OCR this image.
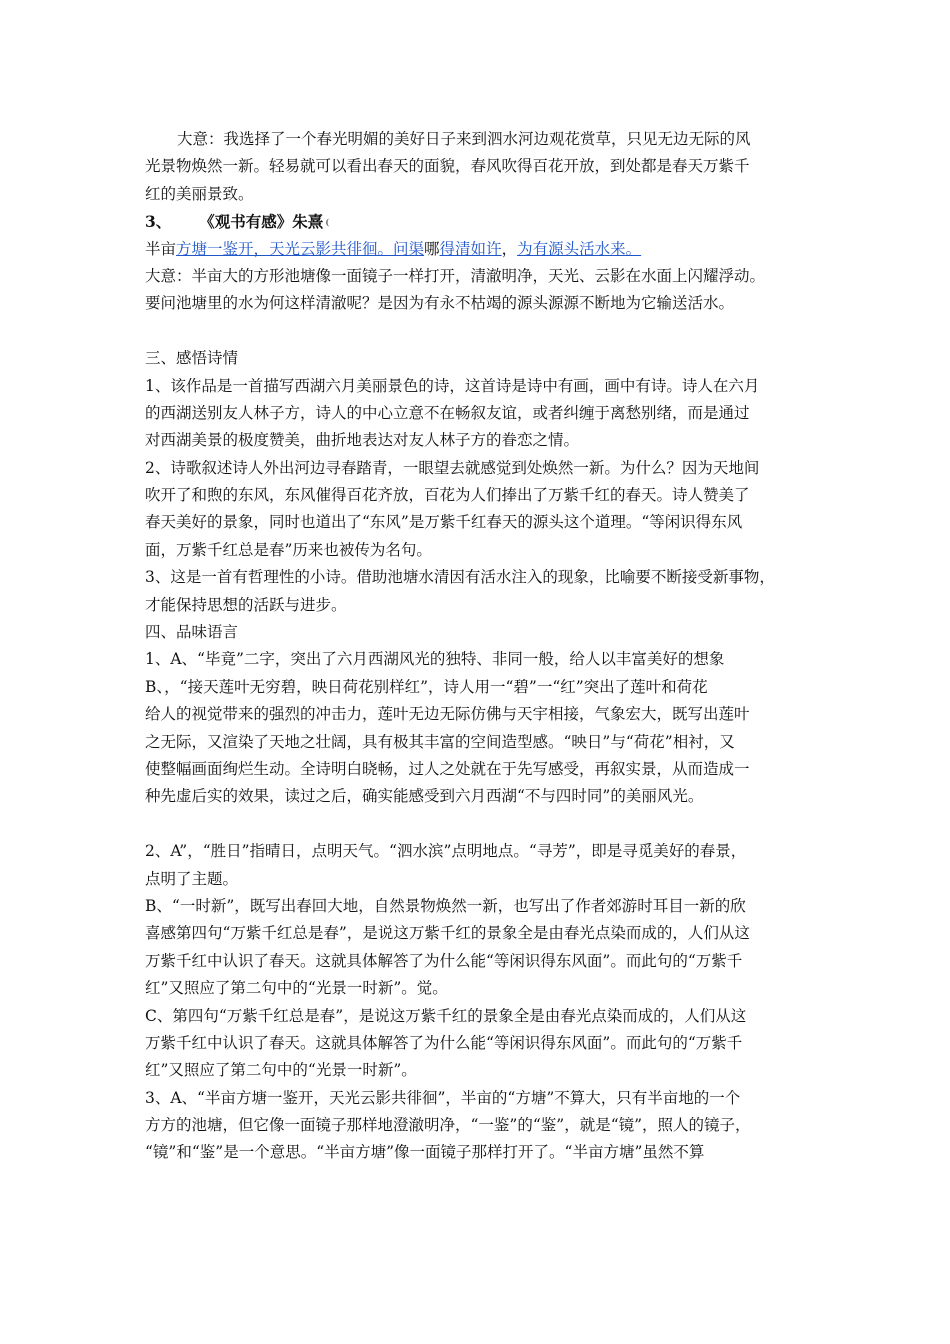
大意：我选择了一个春光明媚的美好日子来到泗水河边观花赏草，只见无边无际的风
光景物焕然一新。轻易就可以看出春天的面貌，春风吹得百花开放，到处都是春天万紫千
红的美丽景致。
3、 《观书有感》朱熹 (
半亩方塘一鉴开，天光云影共徘徊。问渠哪得清如许，为有源头活水来。
大意：半亩大的方形池塘像一面镜子一样打开，清澈明净，天光、云影在水面上闪耀浮动。
要问池塘里的水为何这样清澈呢？是因为有永不枯竭的源头源源不断地为它输送活水。
三、感悟诗情
1、该作品是一首描写西湖六月美丽景色的诗，这首诗是诗中有画，画中有诗。诗人在六月
的西湖送别友人林子方，诗人的中心立意不在畅叙友谊，或者纠缠于离愁别绪，而是通过
对西湖美景的极度赞美，曲折地表达对友人林子方的眷恋之情。
2、诗歌叙述诗人外出河边寻春踏青，一眼望去就感觉到处焕然一新。为什么？因为天地间
吹开了和煦的东风，东风催得百花齐放，百花为人们捧出了万紫千红的春天。诗人赞美了
春天美好的景象，同时也道出了“东风”是万紫千红春天的源头这个道理。“等闲识得东风
面，万紫千红总是春”历来也被传为名句。
3、这是一首有哲理性的小诗。借助池塘水清因有活水注入的现象，比喻要不断接受新事物，
才能保持思想的活跃与进步。
四、品味语言
1、A、“毕竟”二字，突出了六月西湖风光的独特、非同一般，给人以丰富美好的想象
B、，“接天莲叶无穷碧，映日荷花别样红”，诗人用一“碧”一“红”突出了莲叶和荷花
给人的视觉带来的强烈的冲击力，莲叶无边无际仿佛与天宇相接，气象宏大，既写出莲叶
之无际，又渲染了天地之壮阔，具有极其丰富的空间造型感。“映日”与“荷花”相衬，又
使整幅画面绚烂生动。全诗明白晓畅，过人之处就在于先写感受，再叙实景，从而造成一
种先虚后实的效果，读过之后，确实能感受到六月西湖“不与四时同”的美丽风光。
2、A”，“胜日”指晴日，点明天气。“泗水滨”点明地点。“寻芳”，即是寻觅美好的春景，
点明了主题。
B、“一时新”，既写出春回大地，自然景物焕然一新，也写出了作者郊游时耳目一新的欣
喜感第四句“万紫千红总是春”，是说这万紫千红的景象全是由春光点染而成的，人们从这
万紫千红中认识了春天。这就具体解答了为什么能“等闲识得东风面”。而此句的“万紫千
红”又照应了第二句中的“光景一时新”。觉。
C、第四句“万紫千红总是春”，是说这万紫千红的景象全是由春光点染而成的，人们从这
万紫千红中认识了春天。这就具体解答了为什么能“等闲识得东风面”。而此句的“万紫千
红”又照应了第二句中的“光景一时新”。
3、A、“半亩方塘一鉴开，天光云影共徘徊”，半亩的“方塘”不算大，只有半亩地的一个
方方的池塘，但它像一面镜子那样地澄澈明净，“一鉴”的“鉴”，就是“镜”，照人的镜子，
“镜”和“鉴”是一个意思。“半亩方塘”像一面镜子那样打开了。“半亩方塘”虽然不算
